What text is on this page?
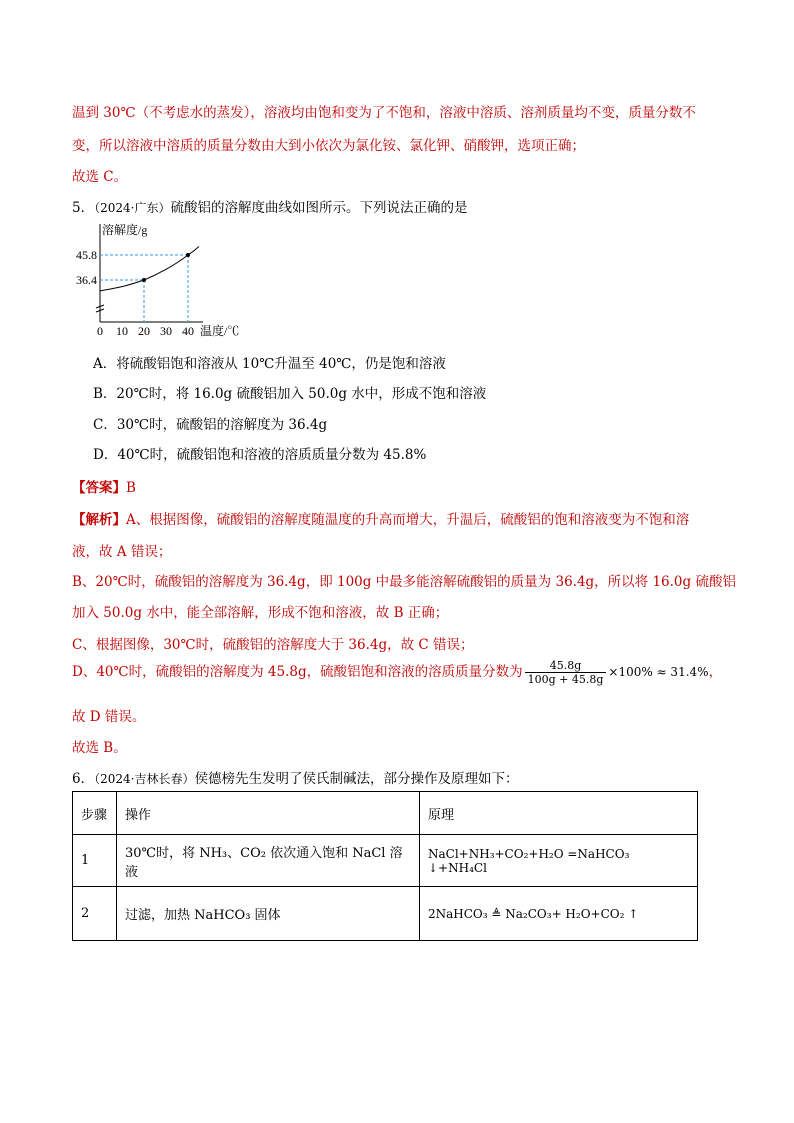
温到 30℃（不考虑水的蒸发），溶液均由饱和变为了不饱和，溶液中溶质、溶剂质量均不变，质量分数不
变，所以溶液中溶质的质量分数由大到小依次为氯化铵、氯化钾、硝酸钾，选项正确；
故选 C。
5．（2024·广东）硫酸铝的溶解度曲线如图所示。下列说法正确的是
溶解度/g
温度/℃
0 10 20 30 40
36.4
45.8
A．将硫酸铝饱和溶液从 10℃升温至 40℃，仍是饱和溶液
B．20℃时，将 16.0g 硫酸铝加入 50.0g 水中，形成不饱和溶液
C．30℃时，硫酸铝的溶解度为 36.4g
D．40℃时，硫酸铝饱和溶液的溶质质量分数为 45.8%
【答案】B
【解析】A、根据图像，硫酸铝的溶解度随温度的升高而增大，升温后，硫酸铝的饱和溶液变为不饱和溶
液，故 A 错误；
B、20℃时，硫酸铝的溶解度为 36.4g，即 100g 中最多能溶解硫酸铝的质量为 36.4g，所以将 16.0g 硫酸铝
加入 50.0g 水中，能全部溶解，形成不饱和溶液，故 B 正确；
C、根据图像，30℃时，硫酸铝的溶解度大于 36.4g，故 C 错误；
D、40℃时，硫酸铝的溶解度为 45.8g，硫酸铝饱和溶液的溶质质量分数为 $\frac{45.8g}{100g + 45.8g} \times 100\% \approx 31.4\%$，
故 D 错误。
故选 B。
6．（2024·吉林长春）侯德榜先生发明了侯氏制碱法，部分操作及原理如下：
步骤	操作	原理
1	30℃时，将 NH₃、CO₂ 依次通入饱和 NaCl 溶液	NaCl+NH₃+CO₂+H₂O =NaHCO₃ ↓+NH₄Cl
2	过滤，加热 NaHCO₃ 固体	2NaHCO₃ ≜ Na₂CO₃+ H₂O+CO₂ ↑
